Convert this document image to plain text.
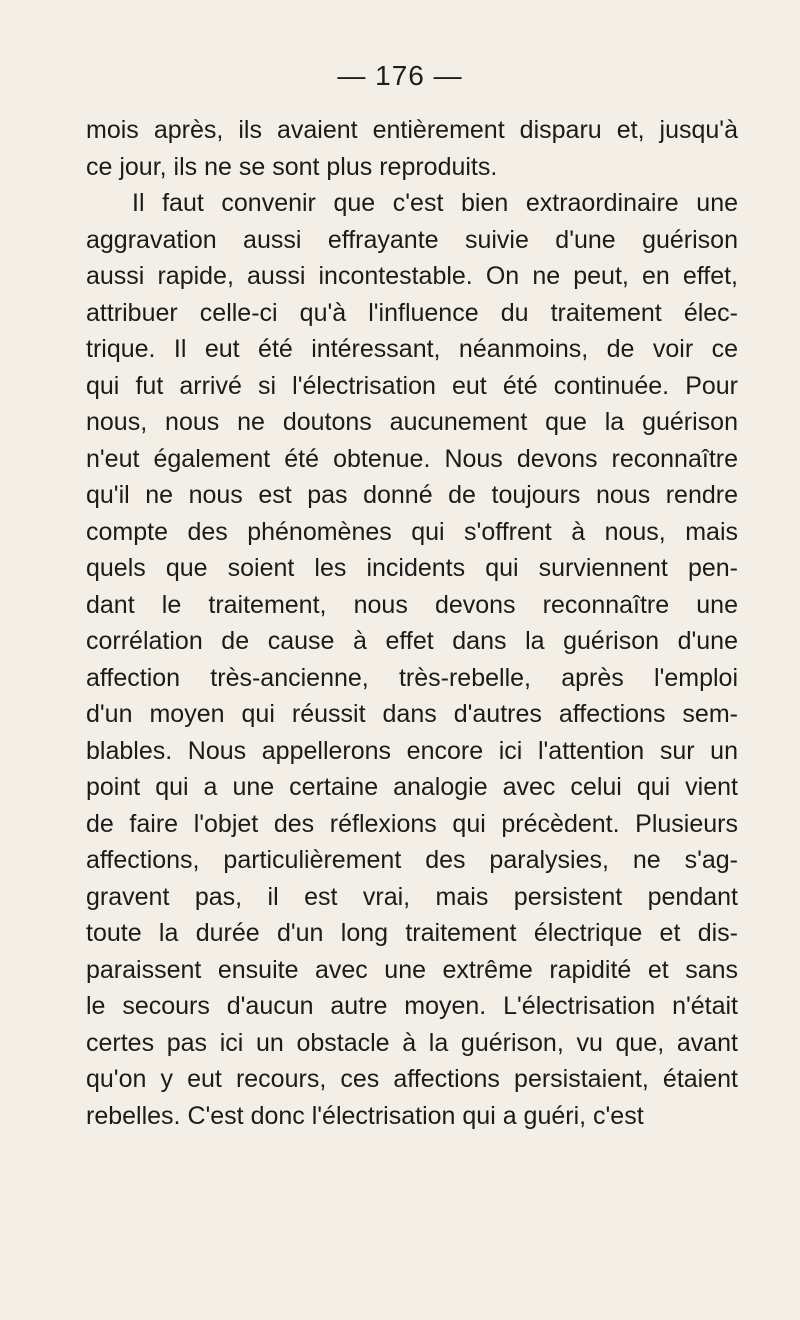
— 176 —
mois après, ils avaient entièrement disparu et, jusqu'à
ce jour, ils ne se sont plus reproduits.
Il faut convenir que c'est bien extraordinaire une
aggravation aussi effrayante suivie d'une guérison
aussi rapide, aussi incontestable. On ne peut, en effet,
attribuer celle-ci qu'à l'influence du traitement élec-
trique. Il eut été intéressant, néanmoins, de voir ce
qui fut arrivé si l'électrisation eut été continuée. Pour
nous, nous ne doutons aucunement que la guérison
n'eut également été obtenue. Nous devons reconnaître
qu'il ne nous est pas donné de toujours nous rendre
compte des phénomènes qui s'offrent à nous, mais
quels que soient les incidents qui surviennent pen-
dant le traitement, nous devons reconnaître une
corrélation de cause à effet dans la guérison d'une
affection très-ancienne, très-rebelle, après l'emploi
d'un moyen qui réussit dans d'autres affections sem-
blables. Nous appellerons encore ici l'attention sur un
point qui a une certaine analogie avec celui qui vient
de faire l'objet des réflexions qui précèdent. Plusieurs
affections, particulièrement des paralysies, ne s'ag-
gravent pas, il est vrai, mais persistent pendant
toute la durée d'un long traitement électrique et dis-
paraissent ensuite avec une extrême rapidité et sans
le secours d'aucun autre moyen. L'électrisation n'était
certes pas ici un obstacle à la guérison, vu que, avant
qu'on y eut recours, ces affections persistaient, étaient
rebelles. C'est donc l'électrisation qui a guéri, c'est
